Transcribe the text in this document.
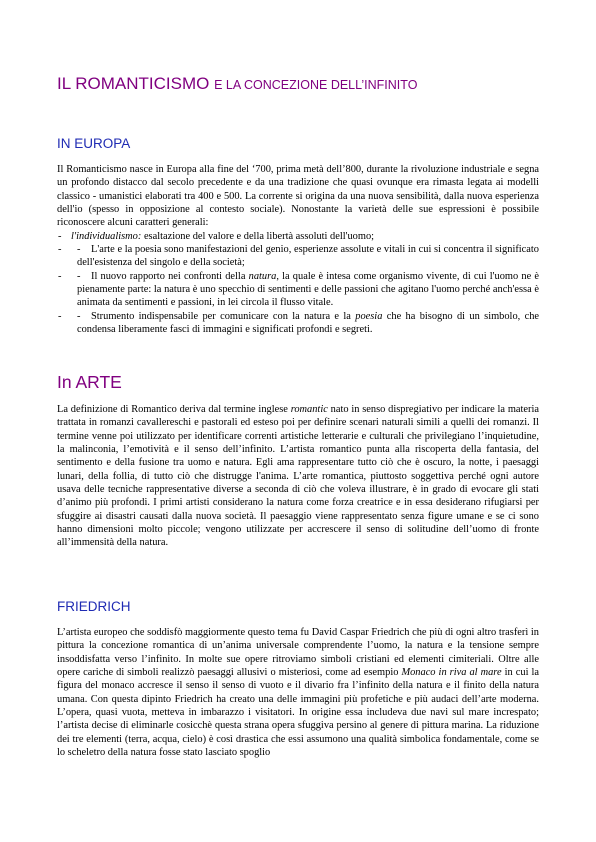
IL ROMANTICISMO E LA CONCEZIONE DELL’INFINITO
IN EUROPA

Il Romanticismo nasce in Europa alla fine del ‘700, prima metà dell’800, durante la rivoluzione industriale e segna un profondo distacco dal secolo precedente e da una tradizione che quasi ovunque era rimasta legata ai modelli classico - umanistici elaborati tra 400 e 500. La corrente si origina da una nuova sensibilità, dalla nuova esperienza dell'io (spesso in opposizione al contesto sociale). Nonostante la varietà delle sue espressioni è possibile riconoscere alcuni caratteri generali:

- l'individualismo: esaltazione del valore e della libertà assoluti dell'uomo;
- - L'arte e la poesia sono manifestazioni del genio, esperienze assolute e vitali in cui si concentra il significato dell'esistenza del singolo e della società;
- - Il nuovo rapporto nei confronti della natura, la quale è intesa come organismo vivente, di cui l'uomo ne è pienamente parte: la natura è uno specchio di sentimenti e delle passioni che agitano l'uomo perché anch'essa è animata da sentimenti e passioni, in lei circola il flusso vitale.
- - Strumento indispensabile per comunicare con la natura e la poesia che ha bisogno di un simbolo, che condensa liberamente fasci di immagini e significati profondi e segreti.
In ARTE

La definizione di Romantico deriva dal termine inglese romantic nato in senso dispregiativo per indicare la materia trattata in romanzi cavallereschi e pastorali ed esteso poi per definire scenari naturali simili a quelli dei romanzi. Il termine venne poi utilizzato per identificare correnti artistiche letterarie e culturali che privilegiano l’inquietudine, la malinconia, l’emotività e il senso dell’infinito. L’artista romantico punta alla riscoperta della fantasia, del sentimento e della fusione tra uomo e natura. Egli ama rappresentare tutto ciò che è oscuro, la notte, i paesaggi lunari, della follia, di tutto ciò che distrugge l'anima. L’arte romantica, piuttosto soggettiva perché ogni autore usava delle tecniche rappresentative diverse a seconda di ciò che voleva illustrare, è in grado di evocare gli stati d’animo più profondi. I primi artisti considerano la natura come forza creatrice e in essa desiderano rifugiarsi per sfuggire ai disastri causati dalla nuova società. Il paesaggio viene rappresentato senza figure umane e se ci sono hanno dimensioni molto piccole; vengono utilizzate per accrescere il senso di solitudine dell’uomo di fronte all’immensità della natura.

FRIEDRICH

L’artista europeo che soddisfò maggiormente questo tema fu David Caspar Friedrich che più di ogni altro trasferì in pittura la concezione romantica di un’anima universale comprendente l’uomo, la natura e la tensione sempre insoddisfatta verso l’infinito. In molte sue opere ritroviamo simboli cristiani ed elementi cimiteriali. Oltre alle opere cariche di simboli realizzò paesaggi allusivi o misteriosi, come ad esempio Monaco in riva al mare in cui la figura del monaco accresce il senso il senso di vuoto e il divario fra l’infinito della natura e il finito della natura umana. Con questa dipinto Friedrich ha creato una delle immagini più profetiche e più audaci dell’arte moderna. L’opera, quasi vuota, metteva in imbarazzo i visitatori. In origine essa includeva due navi sul mare increspato; l’artista decise di eliminarle cosicchè questa strana opera sfuggiva persino al genere di pittura marina. La riduzione dei tre elementi (terra, acqua, cielo) è così drastica che essi assumono una qualità simbolica fondamentale, come se lo scheletro della natura fosse stato lasciato spoglio
